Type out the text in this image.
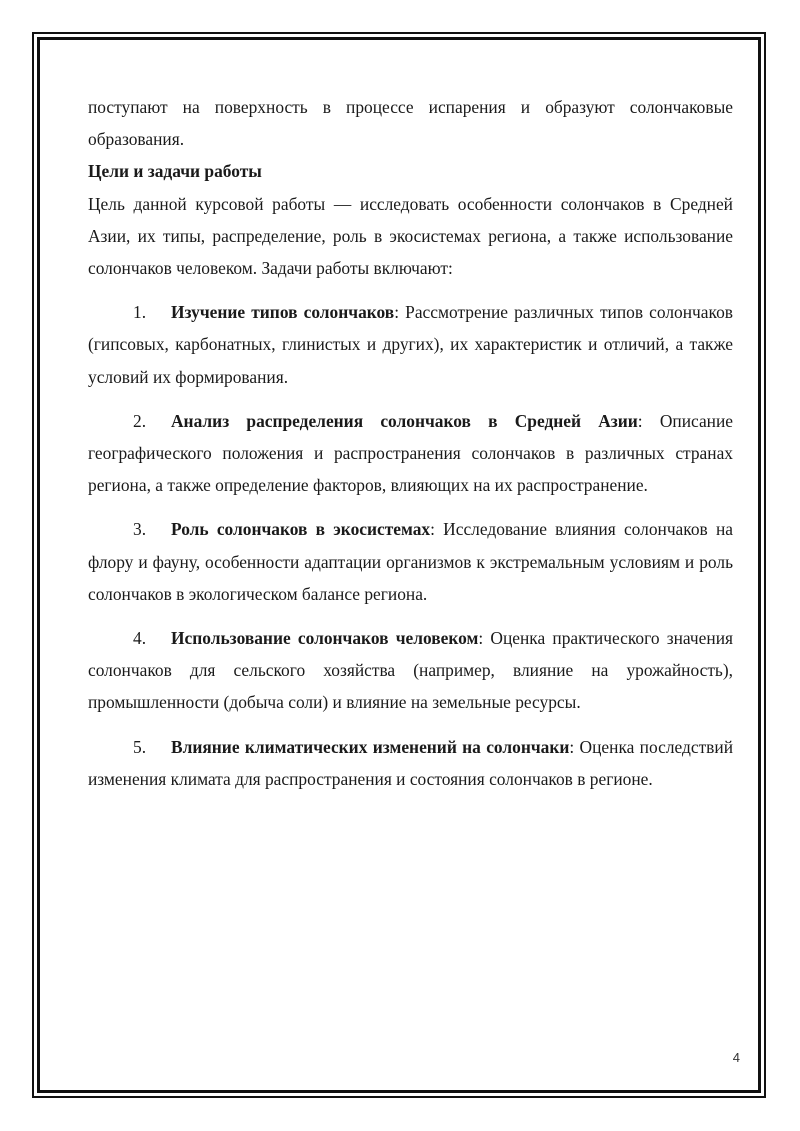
поступают на поверхность в процессе испарения и образуют солончаковые образования.

Цели и задачи работы

Цель данной курсовой работы — исследовать особенности солончаков в Средней Азии, их типы, распределение, роль в экосистемах региона, а также использование солончаков человеком. Задачи работы включают:

1. Изучение типов солончаков: Рассмотрение различных типов солончаков (гипсовых, карбонатных, глинистых и других), их характеристик и отличий, а также условий их формирования.

2. Анализ распределения солончаков в Средней Азии: Описание географического положения и распространения солончаков в различных странах региона, а также определение факторов, влияющих на их распространение.

3. Роль солончаков в экосистемах: Исследование влияния солончаков на флору и фауну, особенности адаптации организмов к экстремальным условиям и роль солончаков в экологическом балансе региона.

4. Использование солончаков человеком: Оценка практического значения солончаков для сельского хозяйства (например, влияние на урожайность), промышленности (добыча соли) и влияние на земельные ресурсы.

5. Влияние климатических изменений на солончаки: Оценка последствий изменения климата для распространения и состояния солончаков в регионе.

4
